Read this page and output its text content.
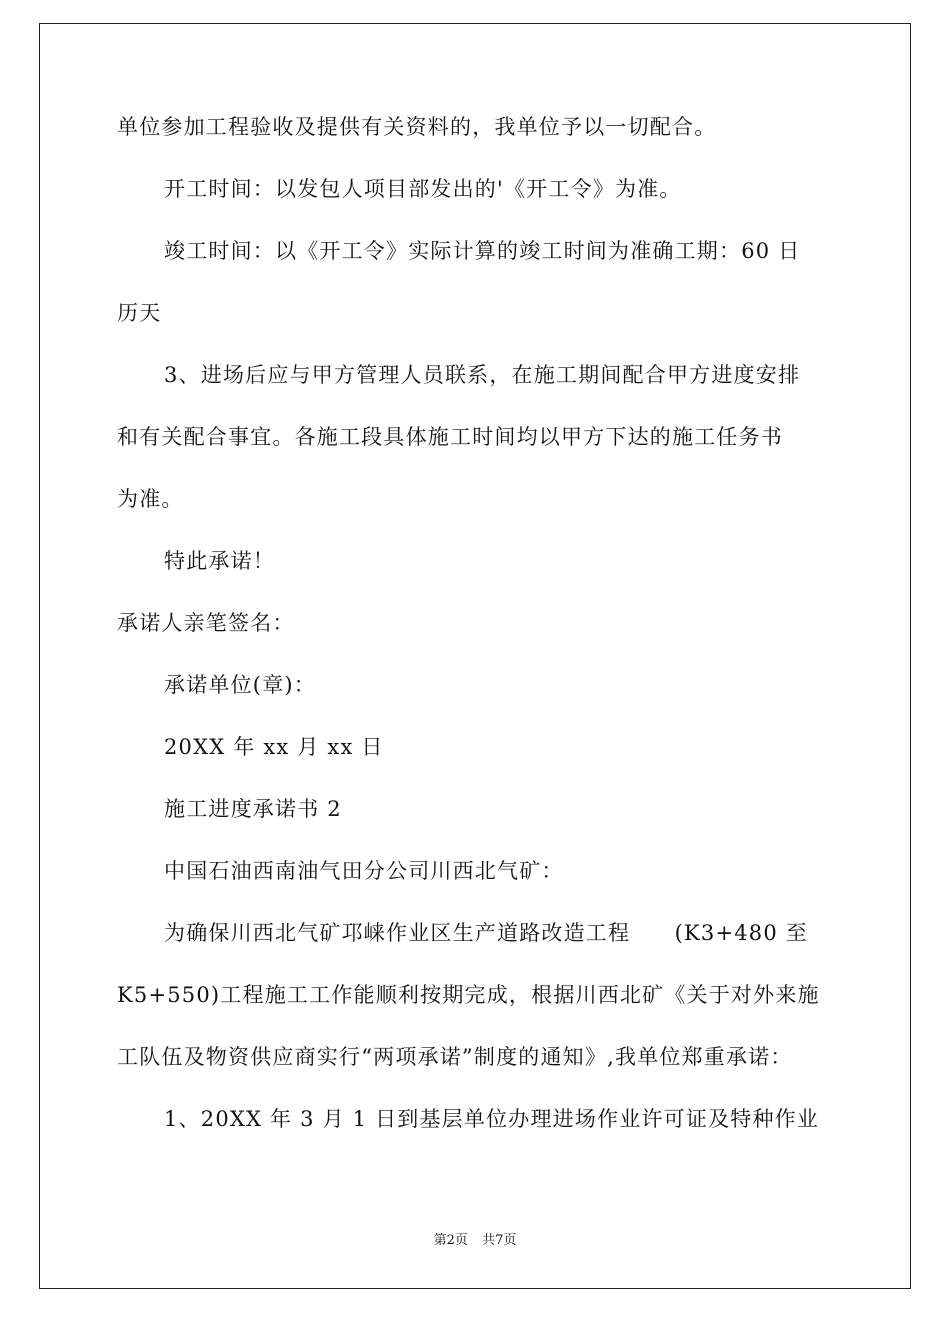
单位参加工程验收及提供有关资料的，我单位予以一切配合。
开工时间：以发包人项目部发出的'《开工令》为准。
竣工时间：以《开工令》实际计算的竣工时间为准确工期：60 日
历天
3、进场后应与甲方管理人员联系，在施工期间配合甲方进度安排
和有关配合事宜。各施工段具体施工时间均以甲方下达的施工任务书
为准。
特此承诺！
承诺人亲笔签名：
承诺单位(章)：
20XX 年 xx 月 xx 日
施工进度承诺书 2
中国石油西南油气田分公司川西北气矿：
为确保川西北气矿邛崃作业区生产道路改造工程　　(K3+480 至
K5+550)工程施工工作能顺利按期完成，根据川西北矿《关于对外来施
工队伍及物资供应商实行“两项承诺”制度的通知》,我单位郑重承诺：
1、20XX 年 3 月 1 日到基层单位办理进场作业许可证及特种作业
第2页 共7页
